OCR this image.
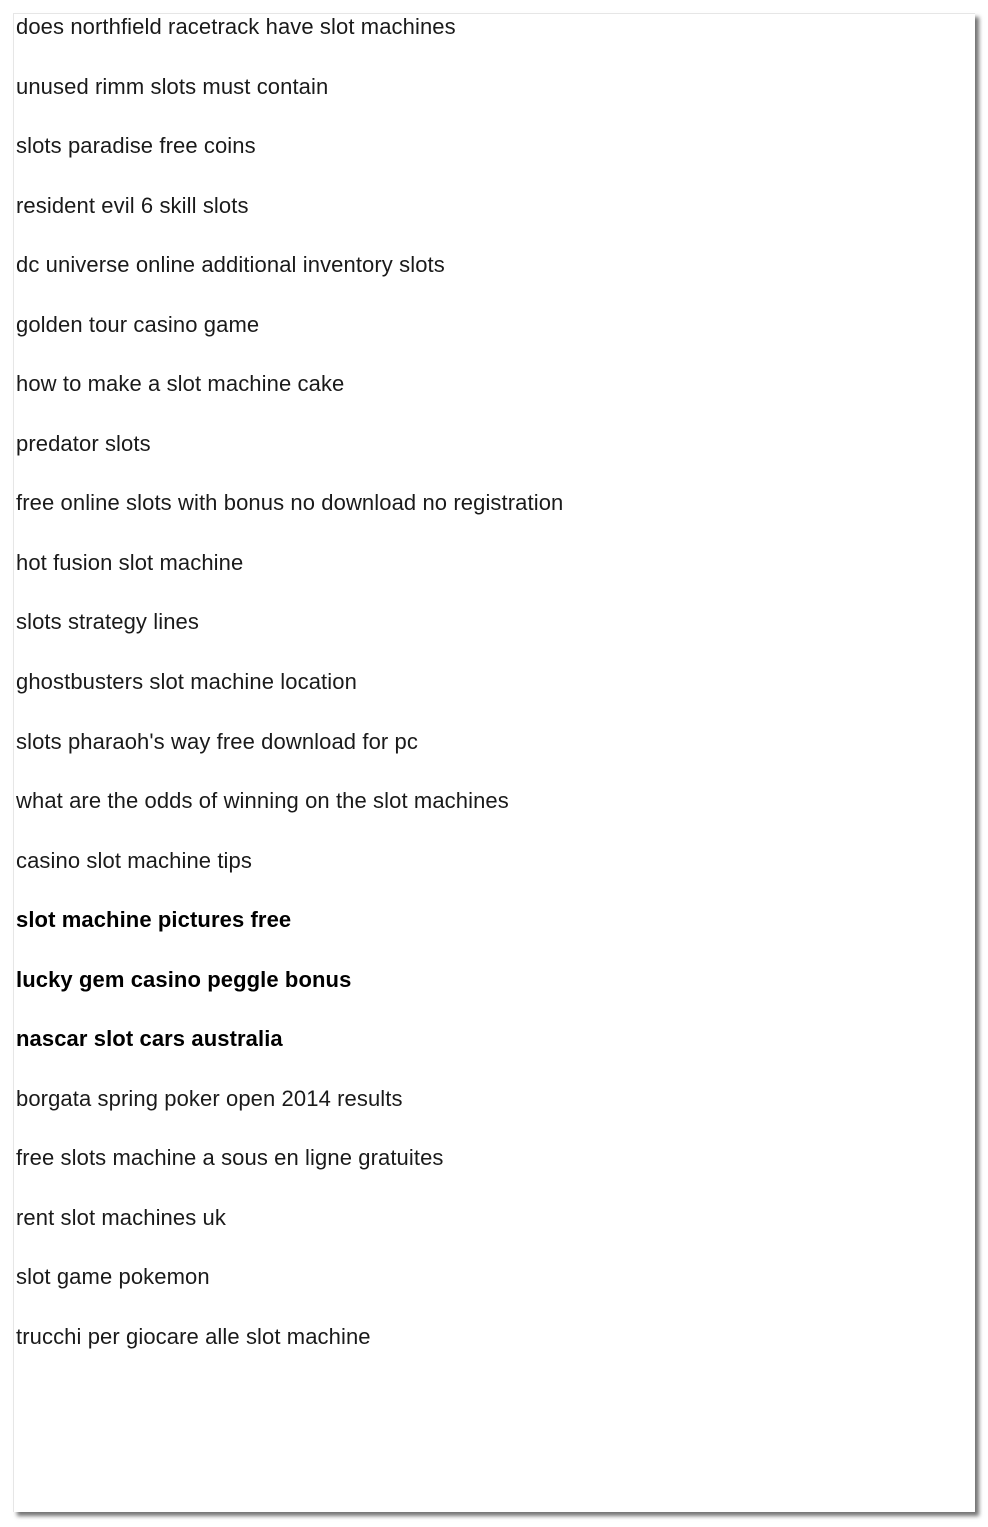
does northfield racetrack have slot machines
unused rimm slots must contain
slots paradise free coins
resident evil 6 skill slots
dc universe online additional inventory slots
golden tour casino game
how to make a slot machine cake
predator slots
free online slots with bonus no download no registration
hot fusion slot machine
slots strategy lines
ghostbusters slot machine location
slots pharaoh's way free download for pc
what are the odds of winning on the slot machines
casino slot machine tips
slot machine pictures free
lucky gem casino peggle bonus
nascar slot cars australia
borgata spring poker open 2014 results
free slots machine a sous en ligne gratuites
rent slot machines uk
slot game pokemon
trucchi per giocare alle slot machine
